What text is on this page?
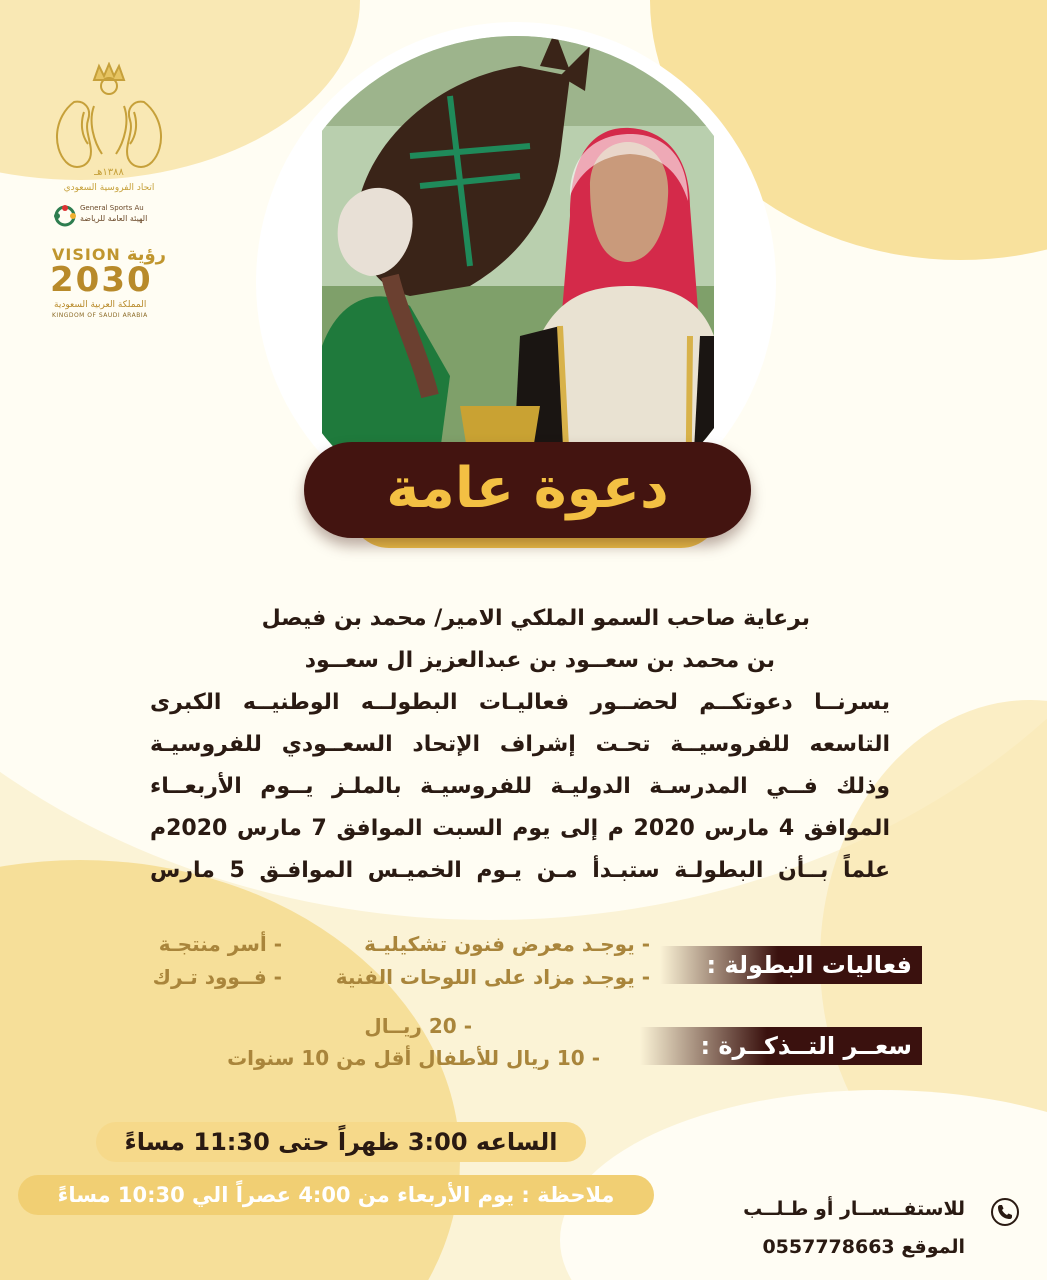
١٣٨٨هـ
اتحاد الفروسية السعودي
General Sports Au
الهيئة العامة للرياضة
VISION رؤية
2030
المملكة العربية السعودية
KINGDOM OF SAUDI ARABIA
دعوة عامة
برعاية صاحب السمو الملكي الامير/ محمد بن فيصل
بن محمد بن سعــود بن عبدالعزيز ال سعــود
يسرنــا دعوتكــم لحضــور فعاليـات البطولــه الوطنيــه الكبرى
التاسعه للفروسيــة تحـت إشراف الإتحاد السعــودي للفروسيـة
وذلك فــي المدرسـة الدوليـة للفروسيـة بالملـز يــوم الأربعــاء
الموافق 4 مارس 2020 م إلى يوم السبت الموافق 7 مارس 2020م
علماً بــأن البطولـة ستبـدأ مـن يـوم الخميـس الموافـق 5 مارس
فعاليات البطولة :
- يوجـد معرض فنون تشكيليـة
- يوجـد مزاد على اللوحات الفنية
- أسر منتجـة
- فــوود تـرك
سعــر التــذكــرة :
- 20 ريــال
- 10 ريال للأطفال أقل من 10 سنوات
الساعه 3:00 ظهراً حتى 11:30 مساءً
ملاحظة : يوم الأربعاء من 4:00 عصراً الي 10:30 مساءً
للاستفــســار أو طـلــب
الموقع 0557778663
